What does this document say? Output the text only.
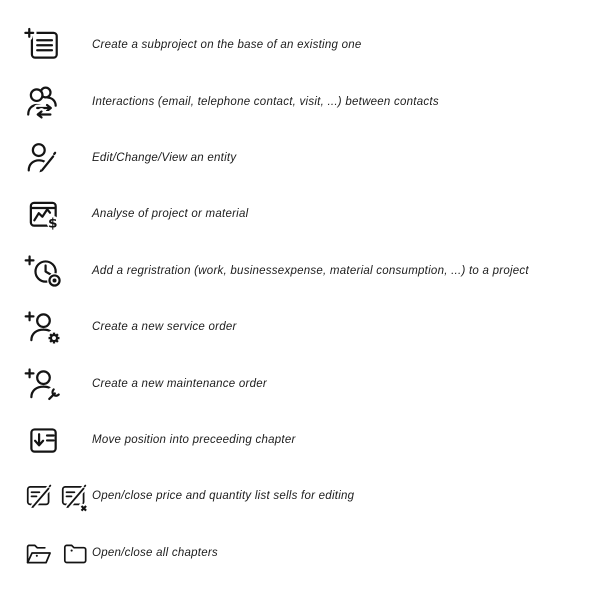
Create a subproject on the base of an existing one
Interactions (email, telephone contact, visit, ...) between contacts
Edit/Change/View an entity
$
Analyse of project or material
Add a regristration (work, businessexpense, material consumption, ...) to a project
Create a new service order
Create a new maintenance order
Move position into preceeding chapter
Open/close price and quantity list sells for editing
Open/close all chapters
